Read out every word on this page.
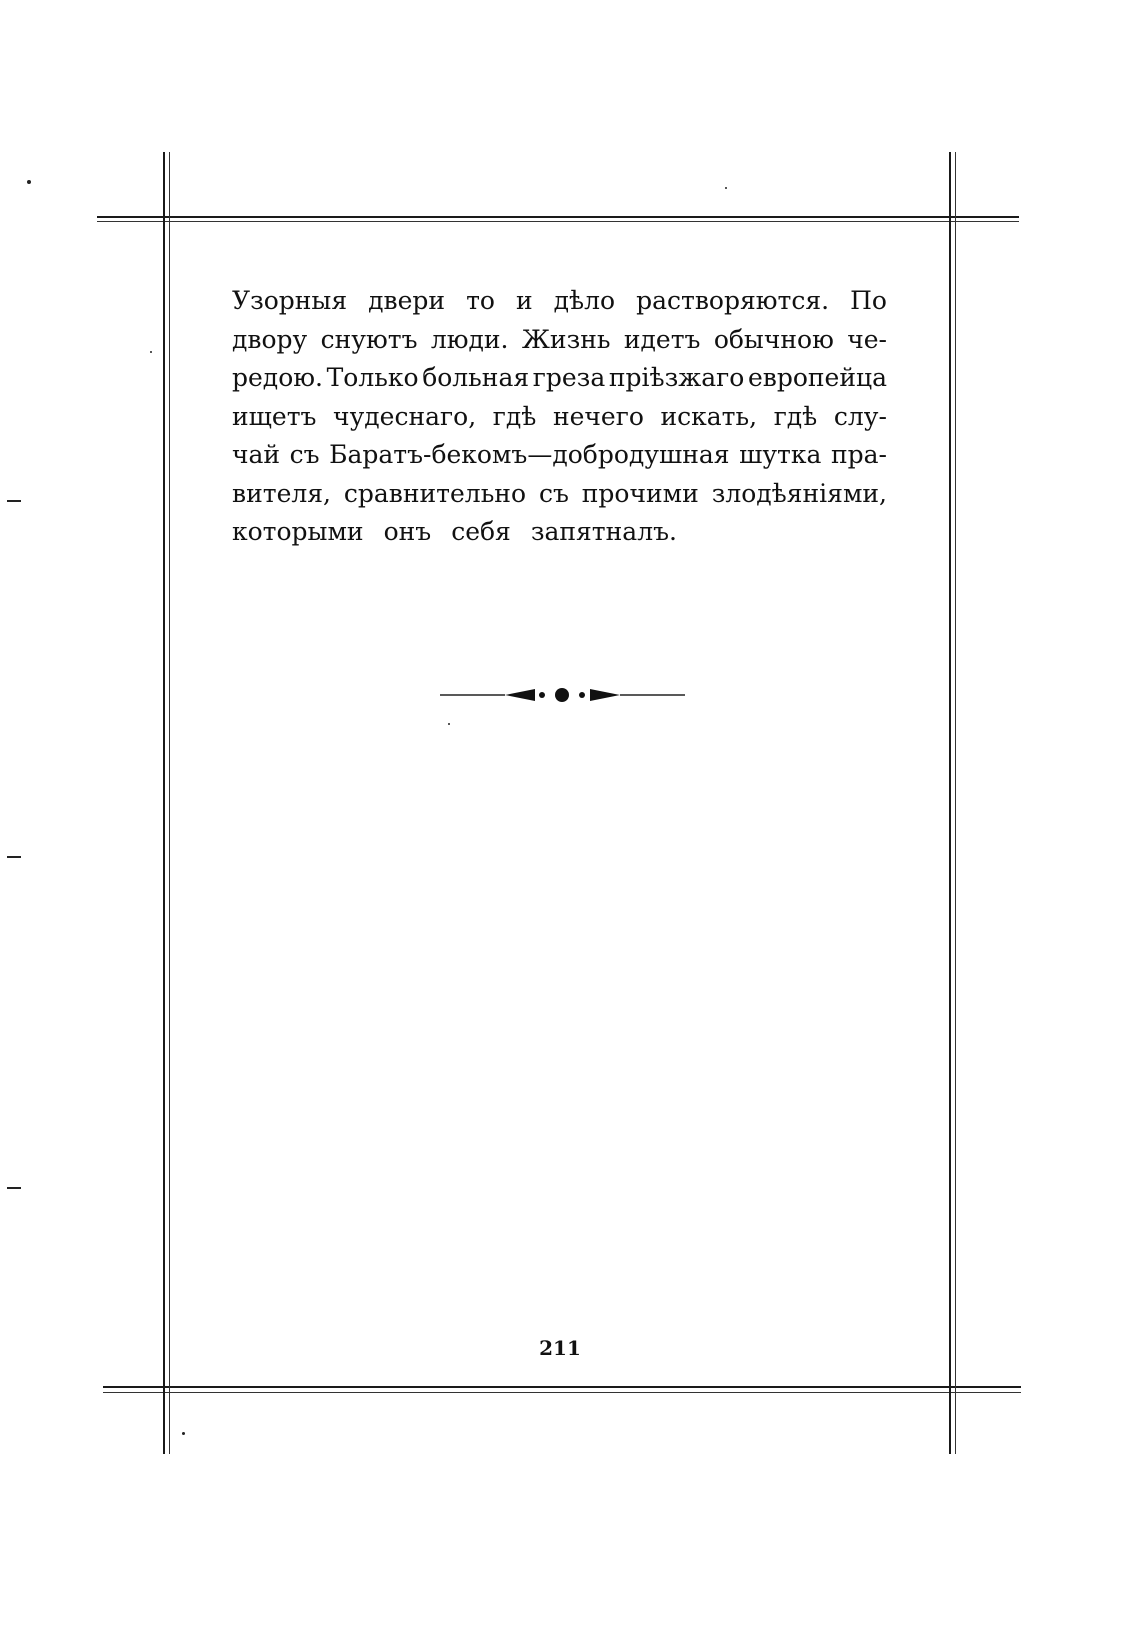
Узорныя двери то и дѣло растворяются. По
двору снуютъ люди. Жизнь идетъ обычною че-
редою. Только больная греза пріѣзжаго европейца
ищетъ чудеснаго, гдѣ нечего искать, гдѣ слу-
чай съ Баратъ-бекомъ—добродушная шутка пра-
вителя, сравнительно съ прочими злодѣяніями,
которыми онъ себя запятналъ.
211
